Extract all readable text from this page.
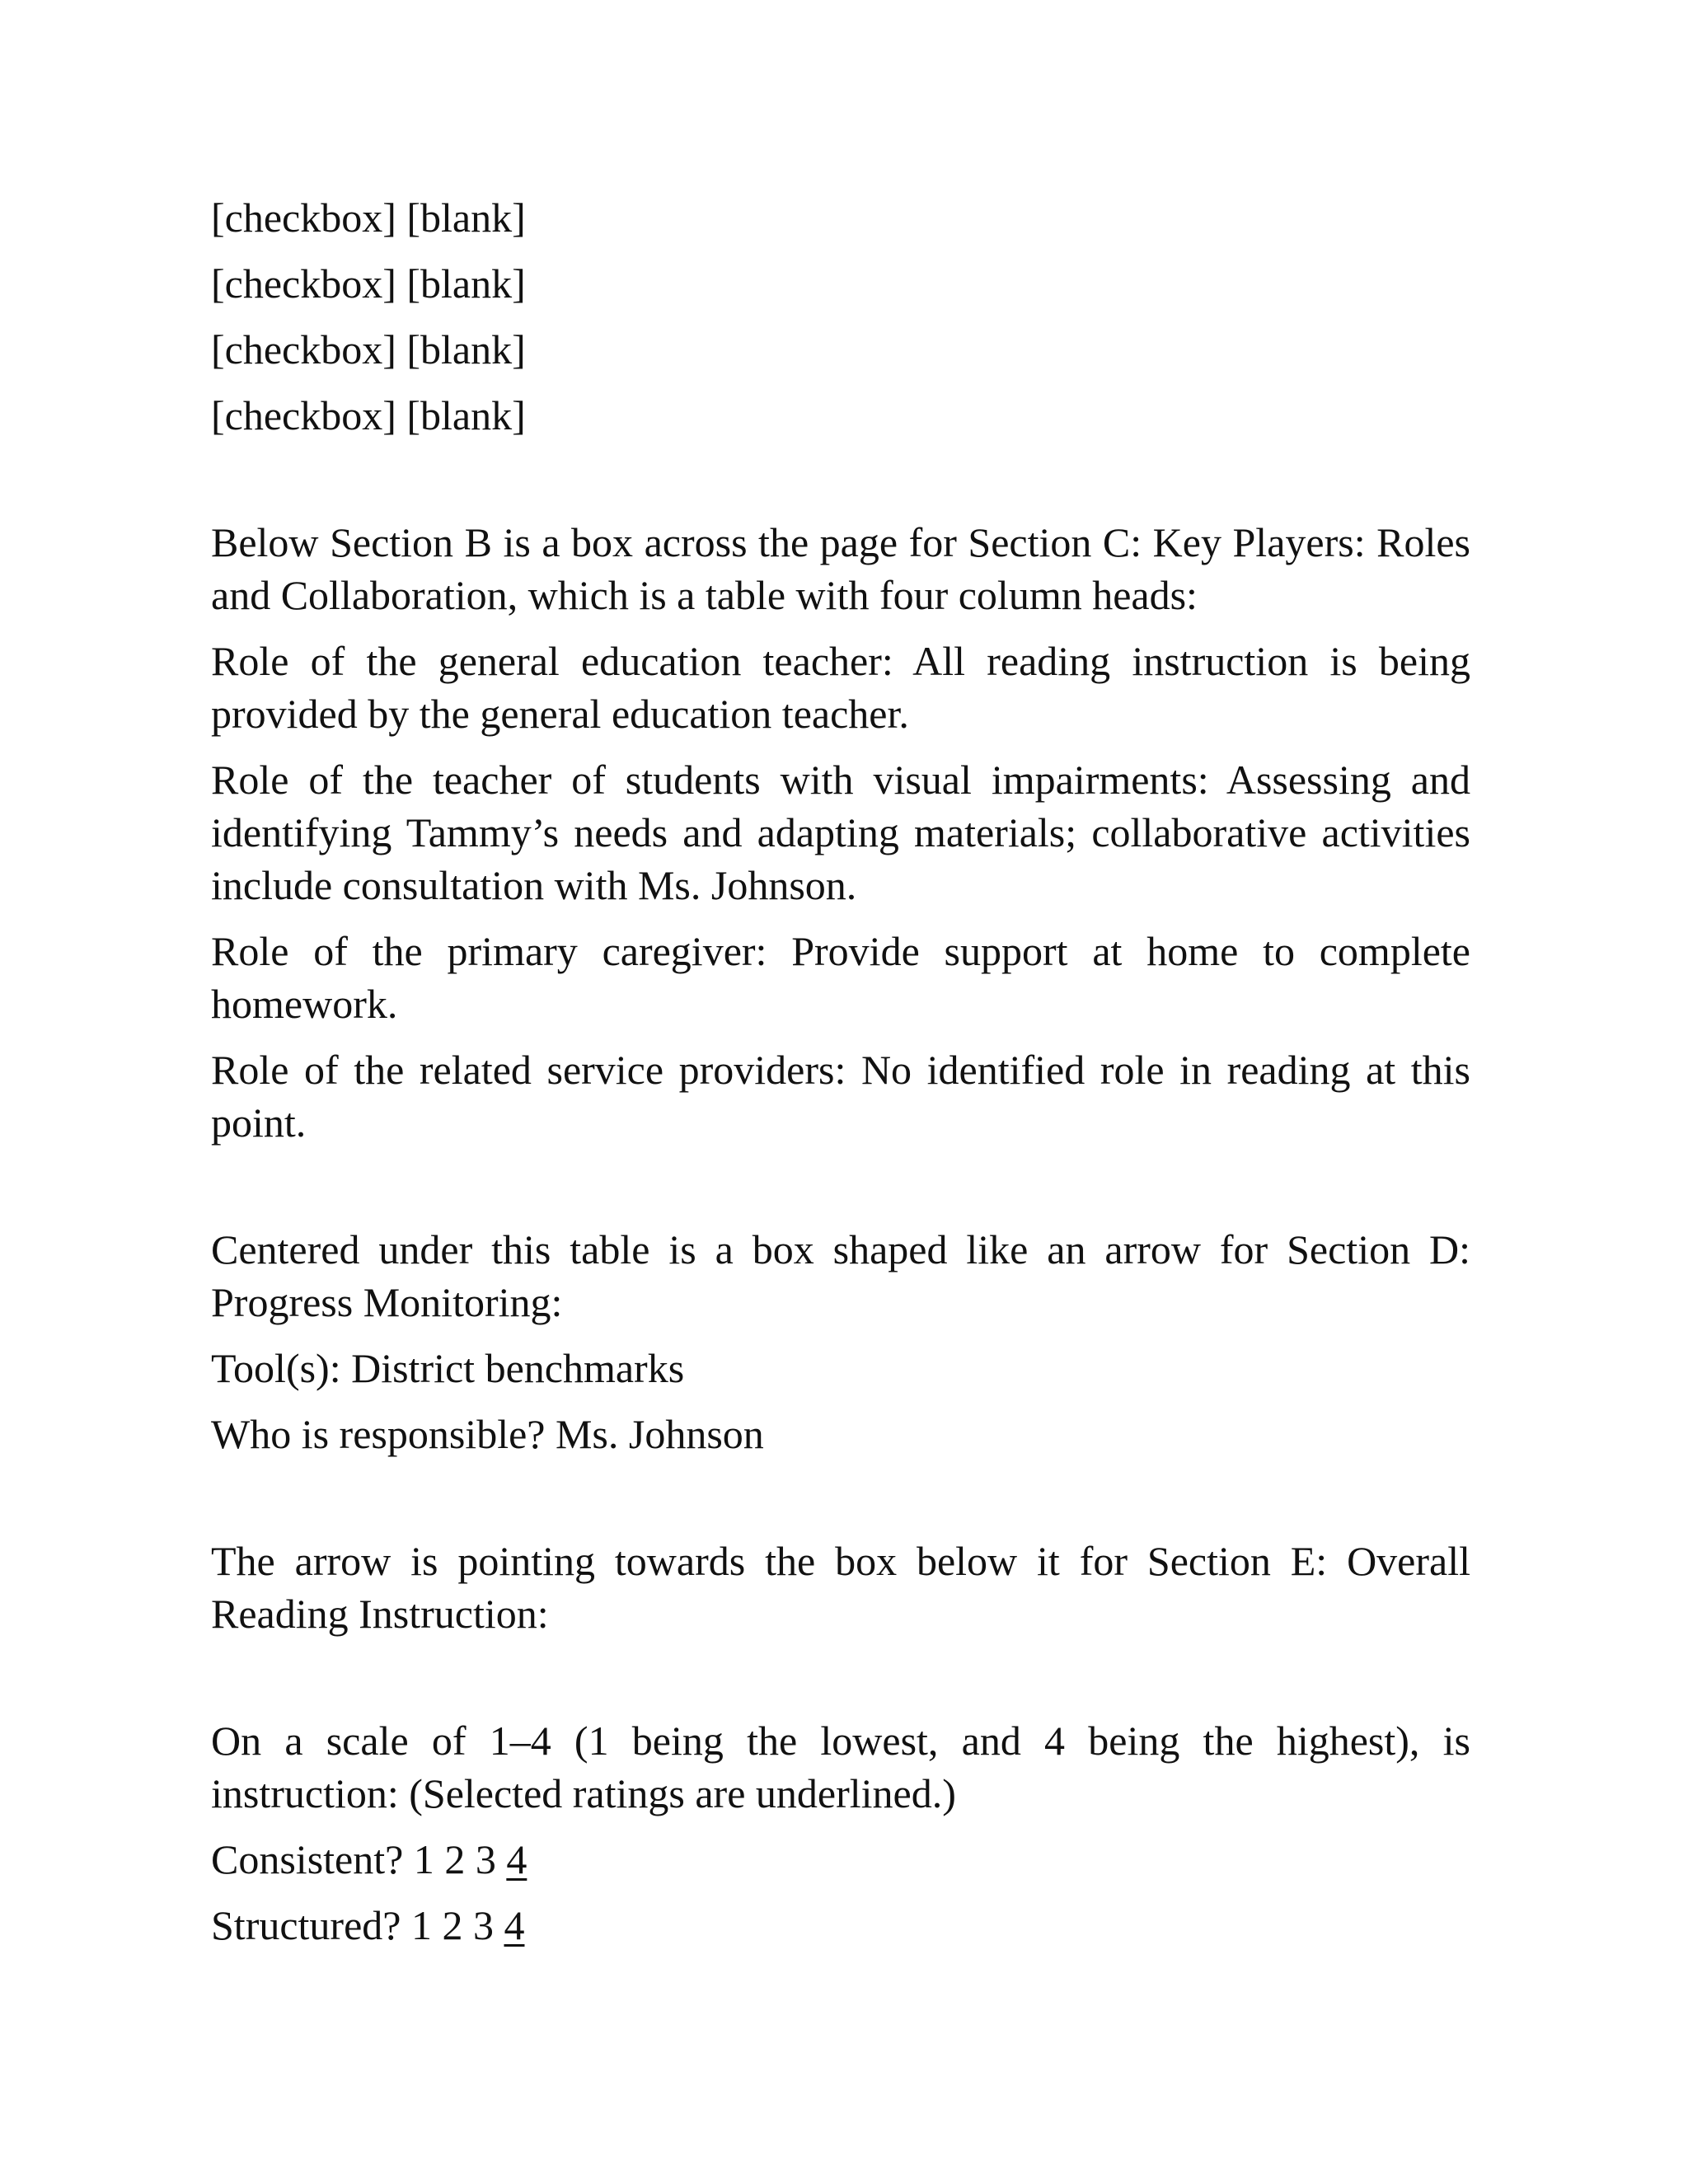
[checkbox] [blank]
[checkbox] [blank]
[checkbox] [blank]
[checkbox] [blank]

Below Section B is a box across the page for Section C: Key Players: Roles and Collaboration, which is a table with four column heads:

Role of the general education teacher: All reading instruction is being provided by the general education teacher.

Role of the teacher of students with visual impairments: Assessing and identifying Tammy’s needs and adapting materials; collaborative activities include consultation with Ms. Johnson.

Role of the primary caregiver: Provide support at home to complete homework.

Role of the related service providers: No identified role in reading at this point.

Centered under this table is a box shaped like an arrow for Section D: Progress Monitoring:

Tool(s): District benchmarks

Who is responsible? Ms. Johnson

The arrow is pointing towards the box below it for Section E: Overall Reading Instruction:

On a scale of 1–4 (1 being the lowest, and 4 being the highest), is instruction: (Selected ratings are underlined.)

Consistent? 1 2 3 4

Structured? 1 2 3 4
